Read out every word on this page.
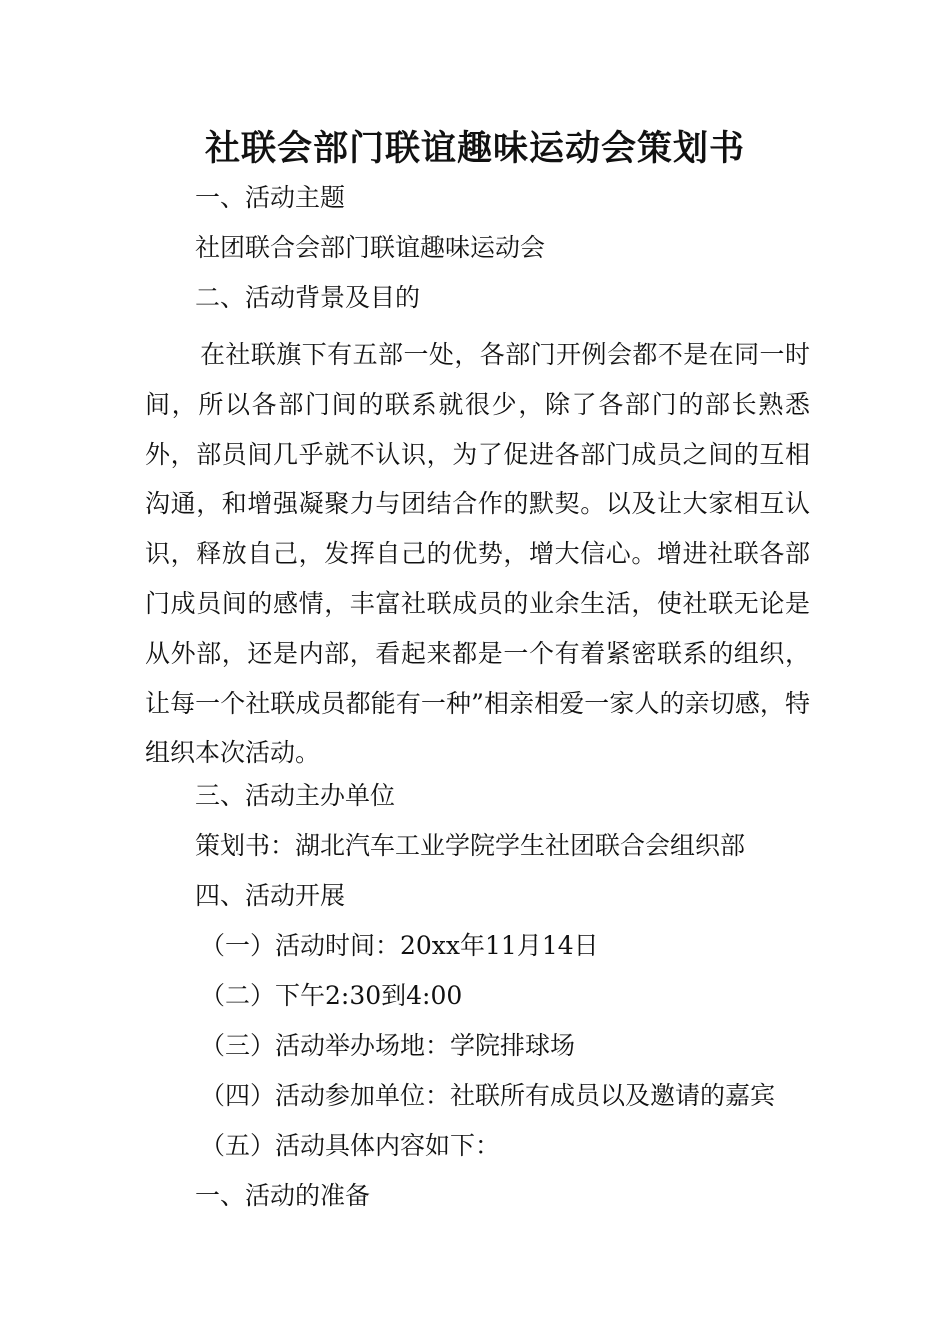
社联会部门联谊趣味运动会策划书

一、活动主题

社团联合会部门联谊趣味运动会

二、活动背景及目的

在社联旗下有五部一处，各部门开例会都不是在同一时间，所以各部门间的联系就很少，除了各部门的部长熟悉外，部员间几乎就不认识，为了促进各部门成员之间的互相沟通，和增强凝聚力与团结合作的默契。以及让大家相互认识，释放自己，发挥自己的优势，增大信心。增进社联各部门成员间的感情，丰富社联成员的业余生活，使社联无论是从外部，还是内部，看起来都是一个有着紧密联系的组织，让每一个社联成员都能有一种”相亲相爱一家人的亲切感，特组织本次活动。

三、活动主办单位

策划书：湖北汽车工业学院学生社团联合会组织部

四、活动开展

（一）活动时间：20xx年11月14日

（二）下午2:30到4:00

（三）活动举办场地：学院排球场

（四）活动参加单位：社联所有成员以及邀请的嘉宾

（五）活动具体内容如下：

一、活动的准备
